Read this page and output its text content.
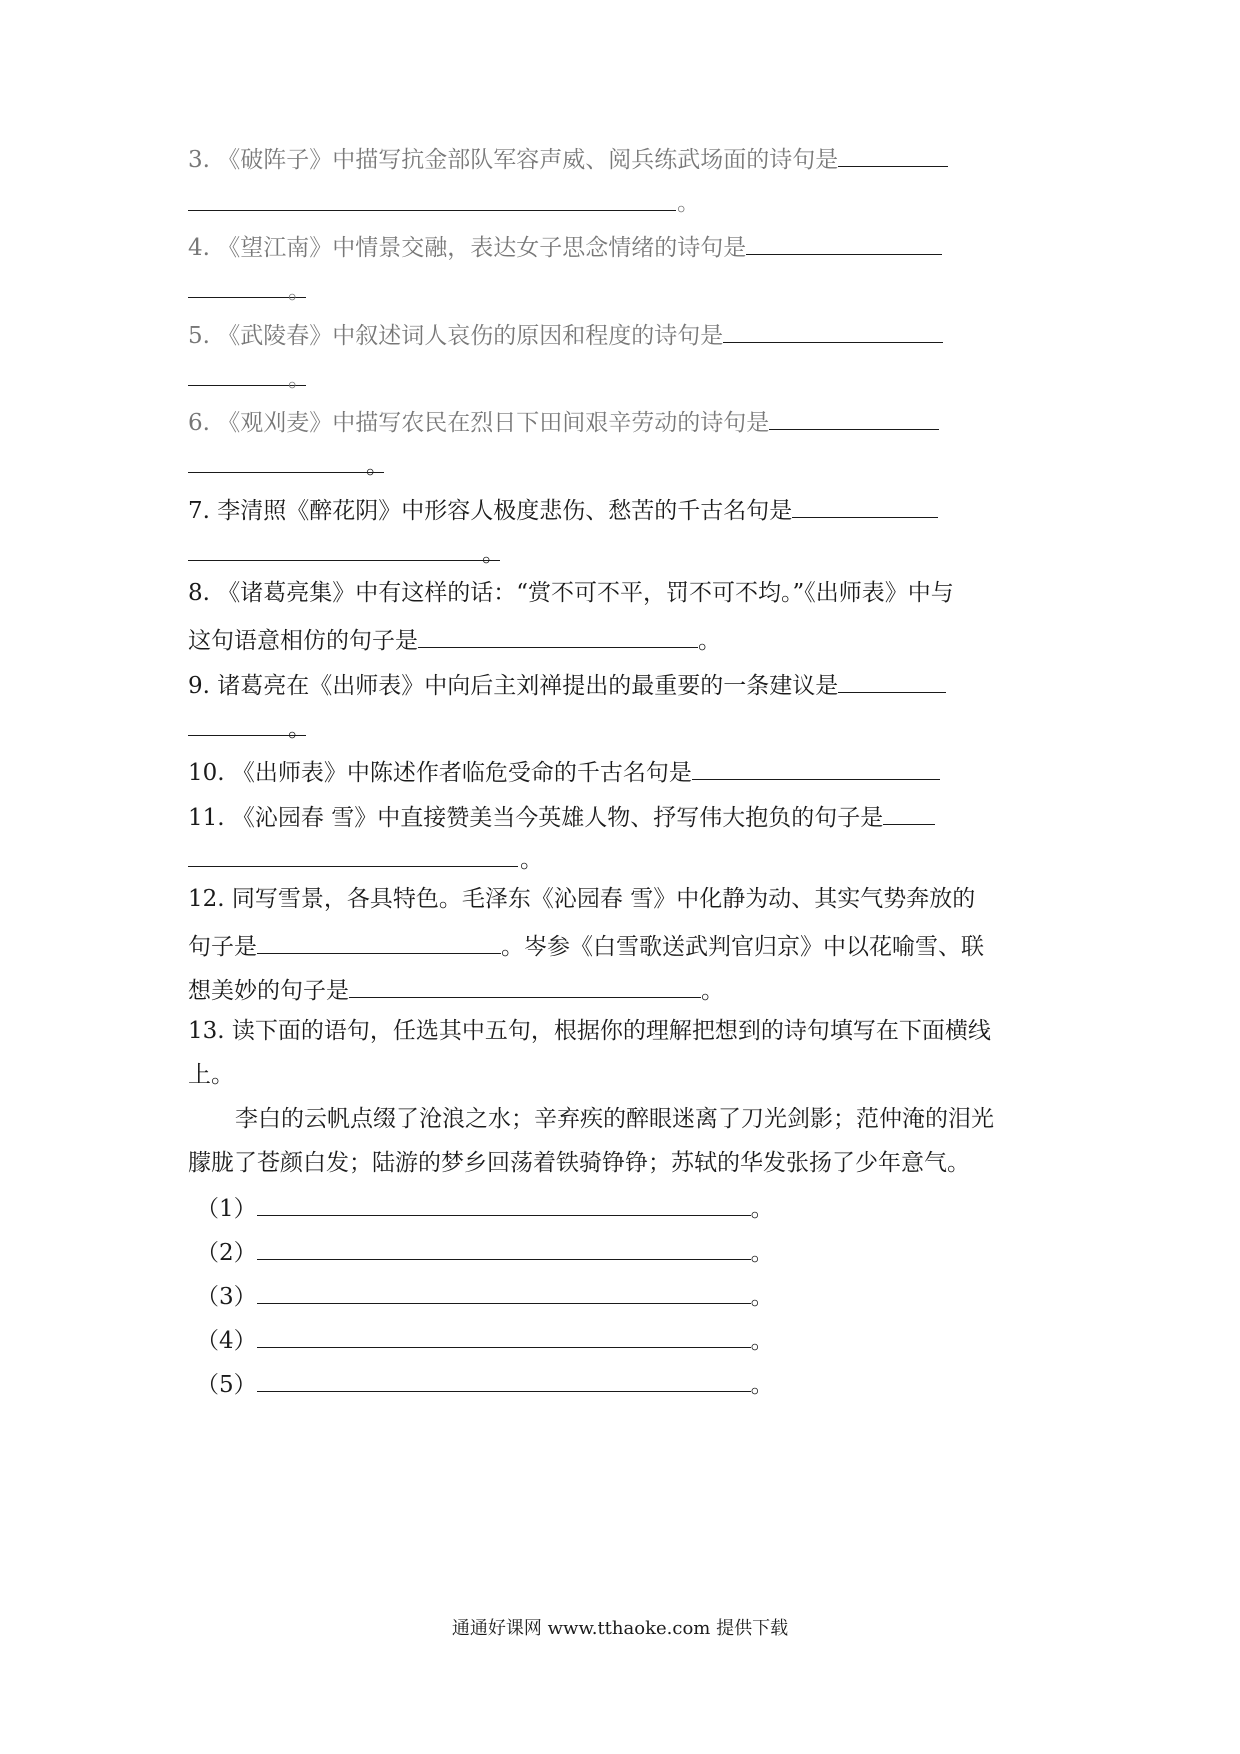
3. 《破阵子》中描写抗金部队军容声威、阅兵练武场面的诗句是
。
4. 《望江南》中情景交融，表达女子思念情绪的诗句是
。
5. 《武陵春》中叙述词人哀伤的原因和程度的诗句是
。
6. 《观刈麦》中描写农民在烈日下田间艰辛劳动的诗句是
。
7. 李清照《醉花阴》中形容人极度悲伤、愁苦的千古名句是
。
8. 《诸葛亮集》中有这样的话：“赏不可不平，罚不可不均。”《出师表》中与
这句语意相仿的句子是	。
9. 诸葛亮在《出师表》中向后主刘禅提出的最重要的一条建议是
。
10. 《出师表》中陈述作者临危受命的千古名句是
11. 《沁园春 雪》中直接赞美当今英雄人物、抒写伟大抱负的句子是
。
12. 同写雪景，各具特色。毛泽东《沁园春 雪》中化静为动、其实气势奔放的
句子是	。岑参《白雪歌送武判官归京》中以花喻雪、联
想美妙的句子是	。
13. 读下面的语句，任选其中五句，根据你的理解把想到的诗句填写在下面横线
上。
李白的云帆点缀了沧浪之水；辛弃疾的醉眼迷离了刀光剑影；范仲淹的泪光
朦胧了苍颜白发；陆游的梦乡回荡着铁骑铮铮；苏轼的华发张扬了少年意气。
（1）	。
（2）	。
（3）	。
（4）	。
（5）	。
通通好课网 www.tthaoke.com 提供下载
